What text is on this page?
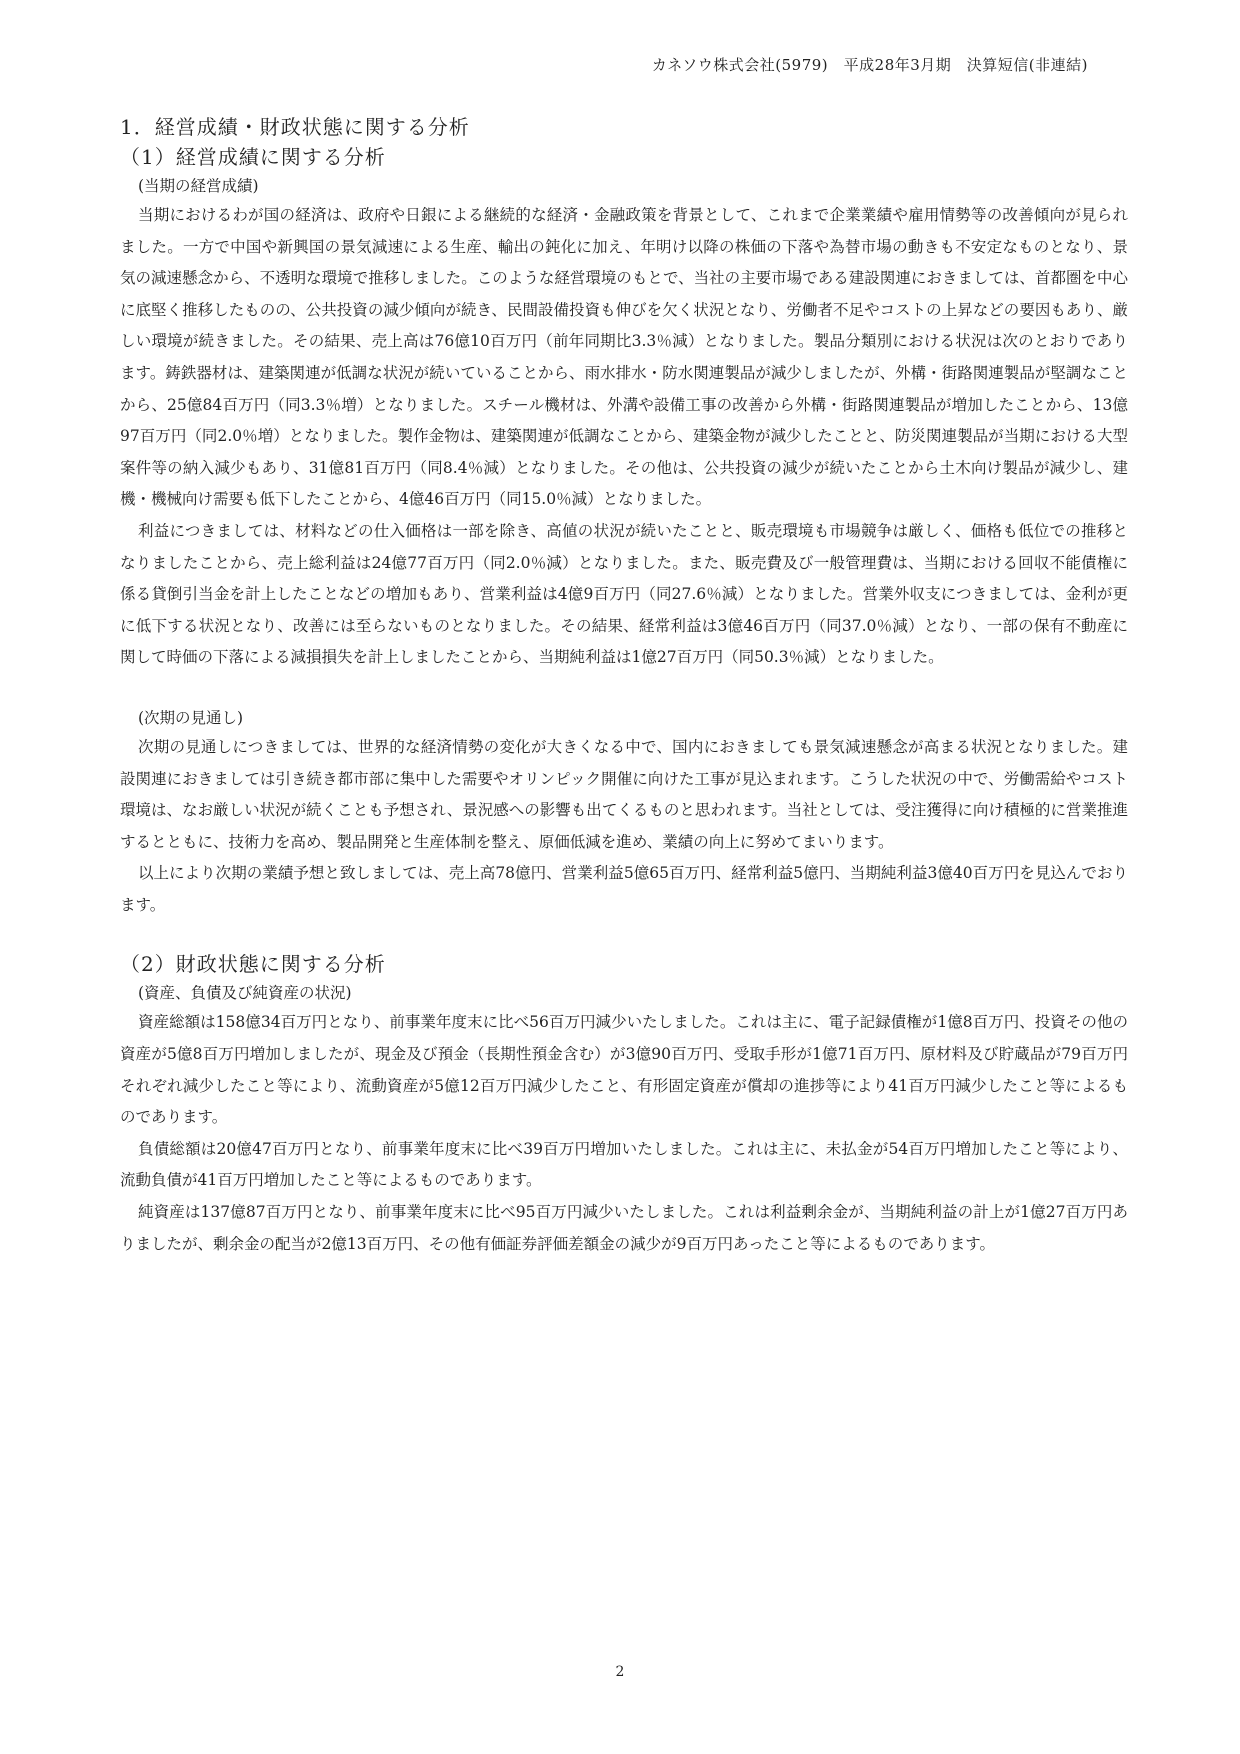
カネソウ株式会社(5979)　平成28年3月期　決算短信(非連結)
1．経営成績・財政状態に関する分析
（1）経営成績に関する分析
(当期の経営成績)

当期におけるわが国の経済は、政府や日銀による継続的な経済・金融政策を背景として、これまで企業業績や雇用情勢等の改善傾向が見られました。一方で中国や新興国の景気減速による生産、輸出の鈍化に加え、年明け以降の株価の下落や為替市場の動きも不安定なものとなり、景気の減速懸念から、不透明な環境で推移しました。このような経営環境のもとで、当社の主要市場である建設関連におきましては、首都圏を中心に底堅く推移したものの、公共投資の減少傾向が続き、民間設備投資も伸びを欠く状況となり、労働者不足やコストの上昇などの要因もあり、厳しい環境が続きました。その結果、売上高は76億10百万円（前年同期比3.3％減）となりました。製品分類別における状況は次のとおりであります。鋳鉄器材は、建築関連が低調な状況が続いていることから、雨水排水・防水関連製品が減少しましたが、外構・街路関連製品が堅調なことから、25億84百万円（同3.3％増）となりました。スチール機材は、外溝や設備工事の改善から外構・街路関連製品が増加したことから、13億97百万円（同2.0％増）となりました。製作金物は、建築関連が低調なことから、建築金物が減少したことと、防災関連製品が当期における大型案件等の納入減少もあり、31億81百万円（同8.4％減）となりました。その他は、公共投資の減少が続いたことから土木向け製品が減少し、建機・機械向け需要も低下したことから、4億46百万円（同15.0％減）となりました。

利益につきましては、材料などの仕入価格は一部を除き、高値の状況が続いたことと、販売環境も市場競争は厳しく、価格も低位での推移となりましたことから、売上総利益は24億77百万円（同2.0％減）となりました。また、販売費及び一般管理費は、当期における回収不能債権に係る貸倒引当金を計上したことなどの増加もあり、営業利益は4億9百万円（同27.6％減）となりました。営業外収支につきましては、金利が更に低下する状況となり、改善には至らないものとなりました。その結果、経常利益は3億46百万円（同37.0％減）となり、一部の保有不動産に関して時価の下落による減損損失を計上しましたことから、当期純利益は1億27百万円（同50.3％減）となりました。

(次期の見通し)

次期の見通しにつきましては、世界的な経済情勢の変化が大きくなる中で、国内におきましても景気減速懸念が高まる状況となりました。建設関連におきましては引き続き都市部に集中した需要やオリンピック開催に向けた工事が見込まれます。こうした状況の中で、労働需給やコスト環境は、なお厳しい状況が続くことも予想され、景況感への影響も出てくるものと思われます。当社としては、受注獲得に向け積極的に営業推進するとともに、技術力を高め、製品開発と生産体制を整え、原価低減を進め、業績の向上に努めてまいります。

以上により次期の業績予想と致しましては、売上高78億円、営業利益5億65百万円、経常利益5億円、当期純利益3億40百万円を見込んでおります。

（2）財政状態に関する分析
(資産、負債及び純資産の状況)

資産総額は158億34百万円となり、前事業年度末に比べ56百万円減少いたしました。これは主に、電子記録債権が1億8百万円、投資その他の資産が5億8百万円増加しましたが、現金及び預金（長期性預金含む）が3億90百万円、受取手形が1億71百万円、原材料及び貯蔵品が79百万円それぞれ減少したこと等により、流動資産が5億12百万円減少したこと、有形固定資産が償却の進捗等により41百万円減少したこと等によるものであります。

負債総額は20億47百万円となり、前事業年度末に比べ39百万円増加いたしました。これは主に、未払金が54百万円増加したこと等により、流動負債が41百万円増加したこと等によるものであります。

純資産は137億87百万円となり、前事業年度末に比べ95百万円減少いたしました。これは利益剰余金が、当期純利益の計上が1億27百万円ありましたが、剰余金の配当が2億13百万円、その他有価証券評価差額金の減少が9百万円あったこと等によるものであります。

2
